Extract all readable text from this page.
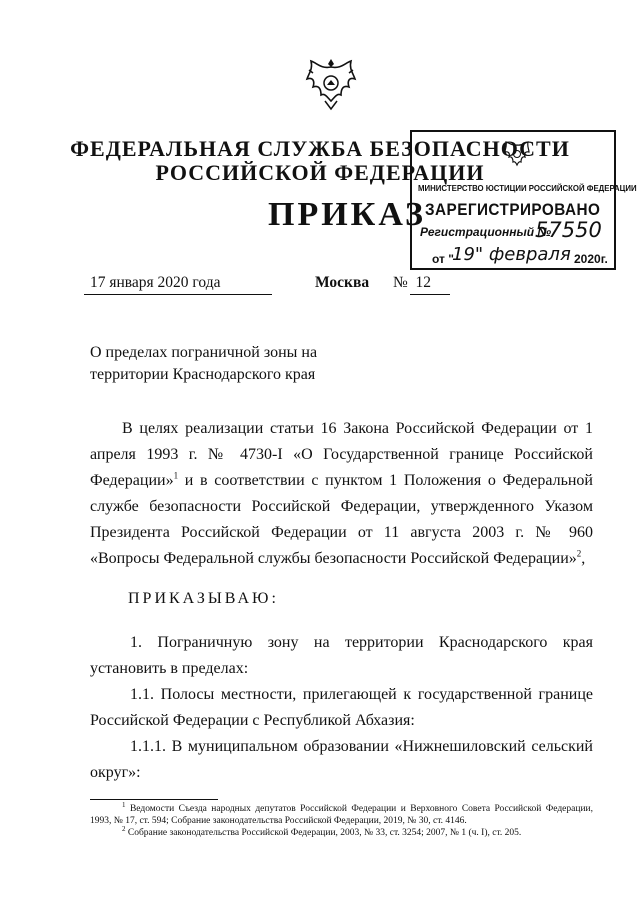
ФЕДЕРАЛЬНАЯ СЛУЖБА БЕЗОПАСНОСТИ
РОССИЙСКОЙ ФЕДЕРАЦИИ
ПРИКАЗ
МИНИСТЕРСТВО ЮСТИЦИИ РОССИЙСКОЙ ФЕДЕРАЦИИ
ЗАРЕГИСТРИРОВАНО
Регистрационный №
57550
от "
19" февраля 2020г.
17 января 2020 года	Москва № 12
О пределах пограничной зоны на
территории Краснодарского края
В целях реализации статьи 16 Закона Российской Федерации от 1 апреля 1993 г. № 4730-I «О Государственной границе Российской Федерации»$^1$ и в соответствии с пунктом 1 Положения о Федеральной службе безопасности Российской Федерации, утвержденного Указом Президента Российской Федерации от 11 августа 2003 г. № 960 «Вопросы Федеральной службы безопасности Российской Федерации»$^2$,
ПРИКАЗЫВАЮ:
1. Пограничную зону на территории Краснодарского края установить в пределах:
1.1. Полосы местности, прилегающей к государственной границе Российской Федерации с Республикой Абхазия:
1.1.1. В муниципальном образовании «Нижнешиловский сельский округ»:

$^1$ Ведомости Съезда народных депутатов Российской Федерации и Верховного Совета Российской Федерации, 1993, № 17, ст. 594; Собрание законодательства Российской Федерации, 2019, № 30, ст. 4146.

$^2$ Собрание законодательства Российской Федерации, 2003, № 33, ст. 3254; 2007, № 1 (ч. I), ст. 205.
